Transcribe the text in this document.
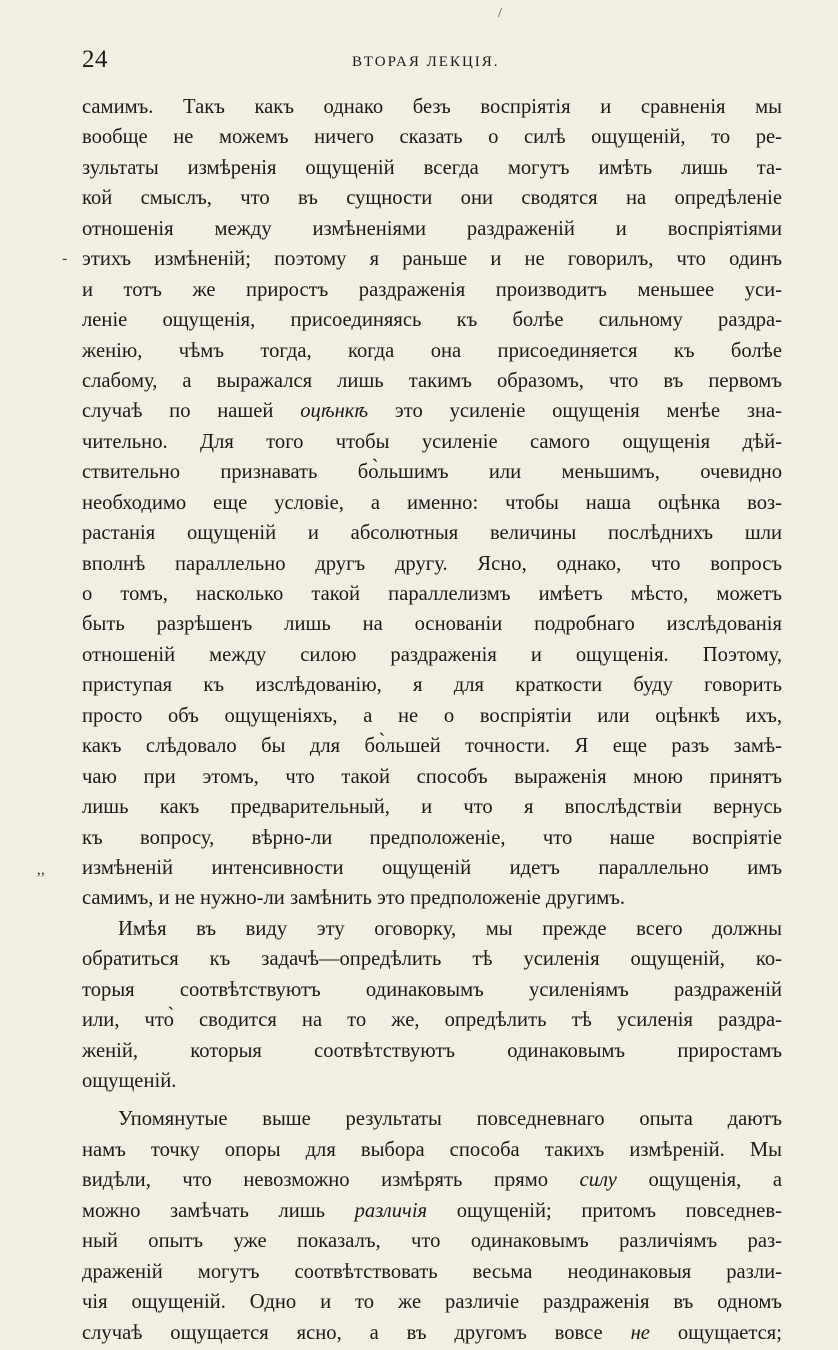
/
24	ВТОРАЯ ЛЕКЦІЯ.
-
’’
самимъ. Такъ какъ однако безъ воспріятія и сравненія мы
вообще не можемъ ничего сказать о силѣ ощущеній, то ре-
зультаты измѣренія ощущеній всегда могутъ имѣть лишь та-
кой смыслъ, что въ сущности они сводятся на опредѣленіе
отношенія между измѣненіями раздраженій и воспріятіями
этихъ измѣненій; поэтому я раньше и не говорилъ, что одинъ
и тотъ же приростъ раздраженія производитъ меньшее уси-
леніе ощущенія, присоединяясь къ болѣе сильному раздра-
женію, чѣмъ тогда, когда она присоединяется къ болѣе
слабому, а выражался лишь такимъ образомъ, что въ первомъ
случаѣ по нашей оцѣнкѣ это усиленіе ощущенія менѣе зна-
чительно. Для того чтобы усиленіе самого ощущенія дѣй-
ствительно признавать бо̀льшимъ или меньшимъ, очевидно
необходимо еще условіе, а именно: чтобы наша оцѣнка воз-
растанія ощущеній и абсолютныя величины послѣднихъ шли
вполнѣ параллельно другъ другу. Ясно, однако, что вопросъ
о томъ, насколько такой параллелизмъ имѣетъ мѣсто, можетъ
быть разрѣшенъ лишь на основаніи подробнаго изслѣдованія
отношеній между силою раздраженія и ощущенія. Поэтому,
приступая къ изслѣдованію, я для краткости буду говорить
просто объ ощущеніяхъ, а не о воспріятіи или оцѣнкѣ ихъ,
какъ слѣдовало бы для бо̀льшей точности. Я еще разъ замѣ-
чаю при этомъ, что такой способъ выраженія мною принятъ
лишь какъ предварительный, и что я впослѣдствіи вернусь
къ вопросу, вѣрно-ли предположеніе, что наше воспріятіе
измѣненій интенсивности ощущеній идетъ параллельно имъ
самимъ, и не нужно-ли замѣнить это предположеніе другимъ.
Имѣя въ виду эту оговорку, мы прежде всего должны
обратиться къ задачѣ—опредѣлить тѣ усиленія ощущеній, ко-
торыя соотвѣтствуютъ одинаковымъ усиленіямъ раздраженій
или, что̀ сводится на то же, опредѣлить тѣ усиленія раздра-
женій, которыя соотвѣтствуютъ одинаковымъ приростамъ
ощущеній.
Упомянутые выше результаты повседневнаго опыта даютъ
намъ точку опоры для выбора способа такихъ измѣреній. Мы
видѣли, что невозможно измѣрять прямо силу ощущенія, а
можно замѣчать лишь различія ощущеній; притомъ повседнев-
ный опытъ уже показалъ, что одинаковымъ различіямъ раз-
драженій могутъ соотвѣтствовать весьма неодинаковыя разли-
чія ощущеній. Одно и то же различіе раздраженія въ одномъ
случаѣ ощущается ясно, а въ другомъ вовсе не ощущается;
